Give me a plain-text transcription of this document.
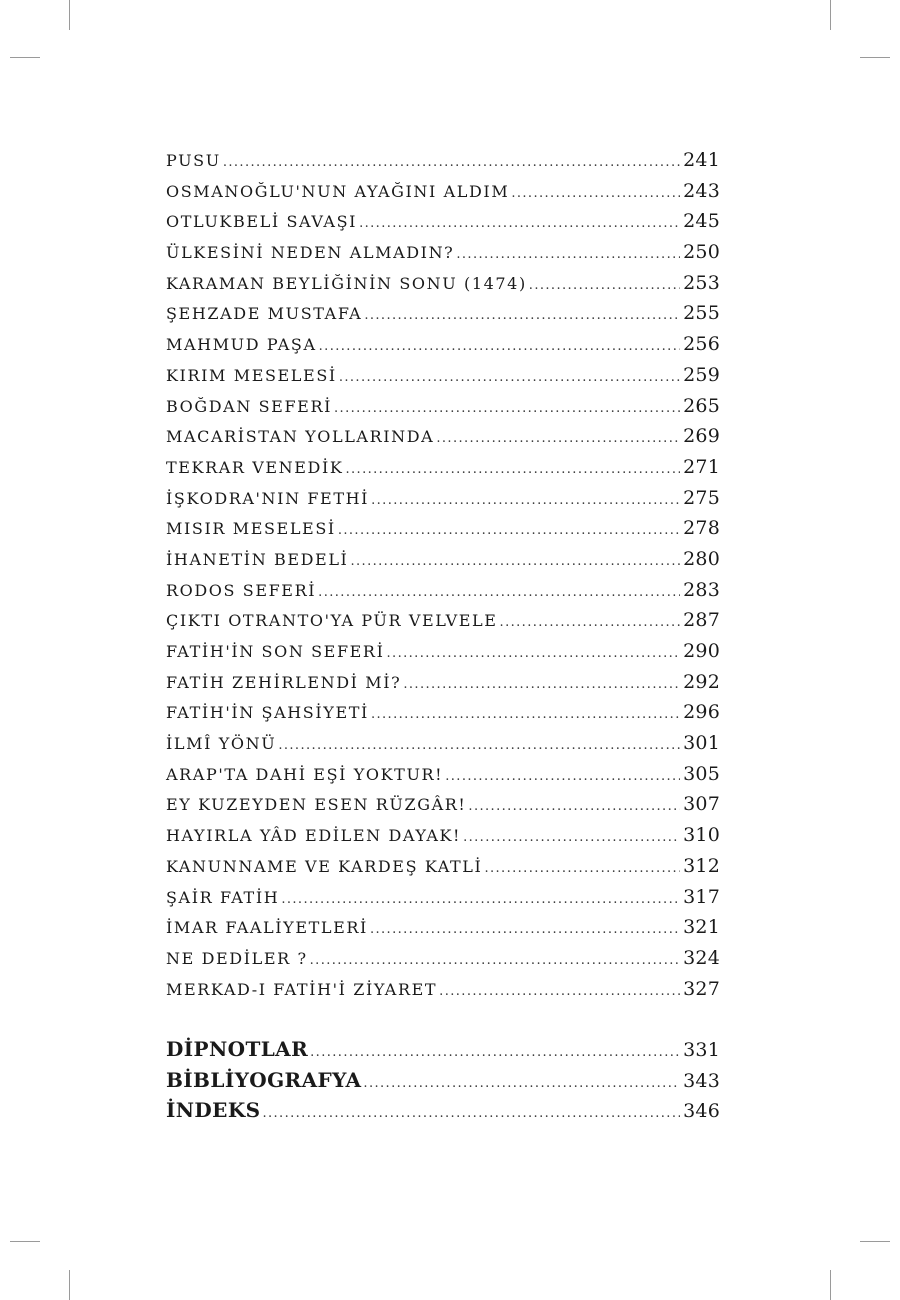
PUSU .....	241
OSMANOĞLU'NUN AYAĞINI ALDIM .....	243
OTLUKBELİ SAVAŞI .....	245
ÜLKESİNİ NEDEN ALMADIN? .....	250
KARAMAN BEYLİĞİNİN SONU (1474) .....	253
ŞEHZADE MUSTAFA .....	255
MAHMUD PAŞA .....	256
KIRIM MESELESİ .....	259
BOĞDAN SEFERİ .....	265
MACARİSTAN YOLLARINDA .....	269
TEKRAR VENEDİK .....	271
İŞKODRA'NIN FETHİ .....	275
MISIR MESELESİ .....	278
İHANETİN BEDELİ .....	280
RODOS SEFERİ .....	283
ÇIKTI OTRANTO'YA PÜR VELVELE .....	287
FATİH'İN SON SEFERİ .....	290
FATİH ZEHİRLENDİ Mİ? .....	292
FATİH'İN ŞAHSİYETİ .....	296
İLMÎ YÖNÜ .....	301
ARAP'TA DAHİ EŞİ YOKTUR! .....	305
EY KUZEYDEN ESEN RÜZGÂR! .....	307
HAYIRLA YÂD EDİLEN DAYAK! .....	310
KANUNNAME VE KARDEŞ KATLİ .....	312
ŞAİR FATİH .....	317
İMAR FAALİYETLERİ .....	321
NE DEDİLER ? .....	324
MERKAD-I FATİH'İ ZİYARET .....	327
DİPNOTLAR .....	331
BİBLİYOGRAFYA .....	343
İNDEKS .....	346
